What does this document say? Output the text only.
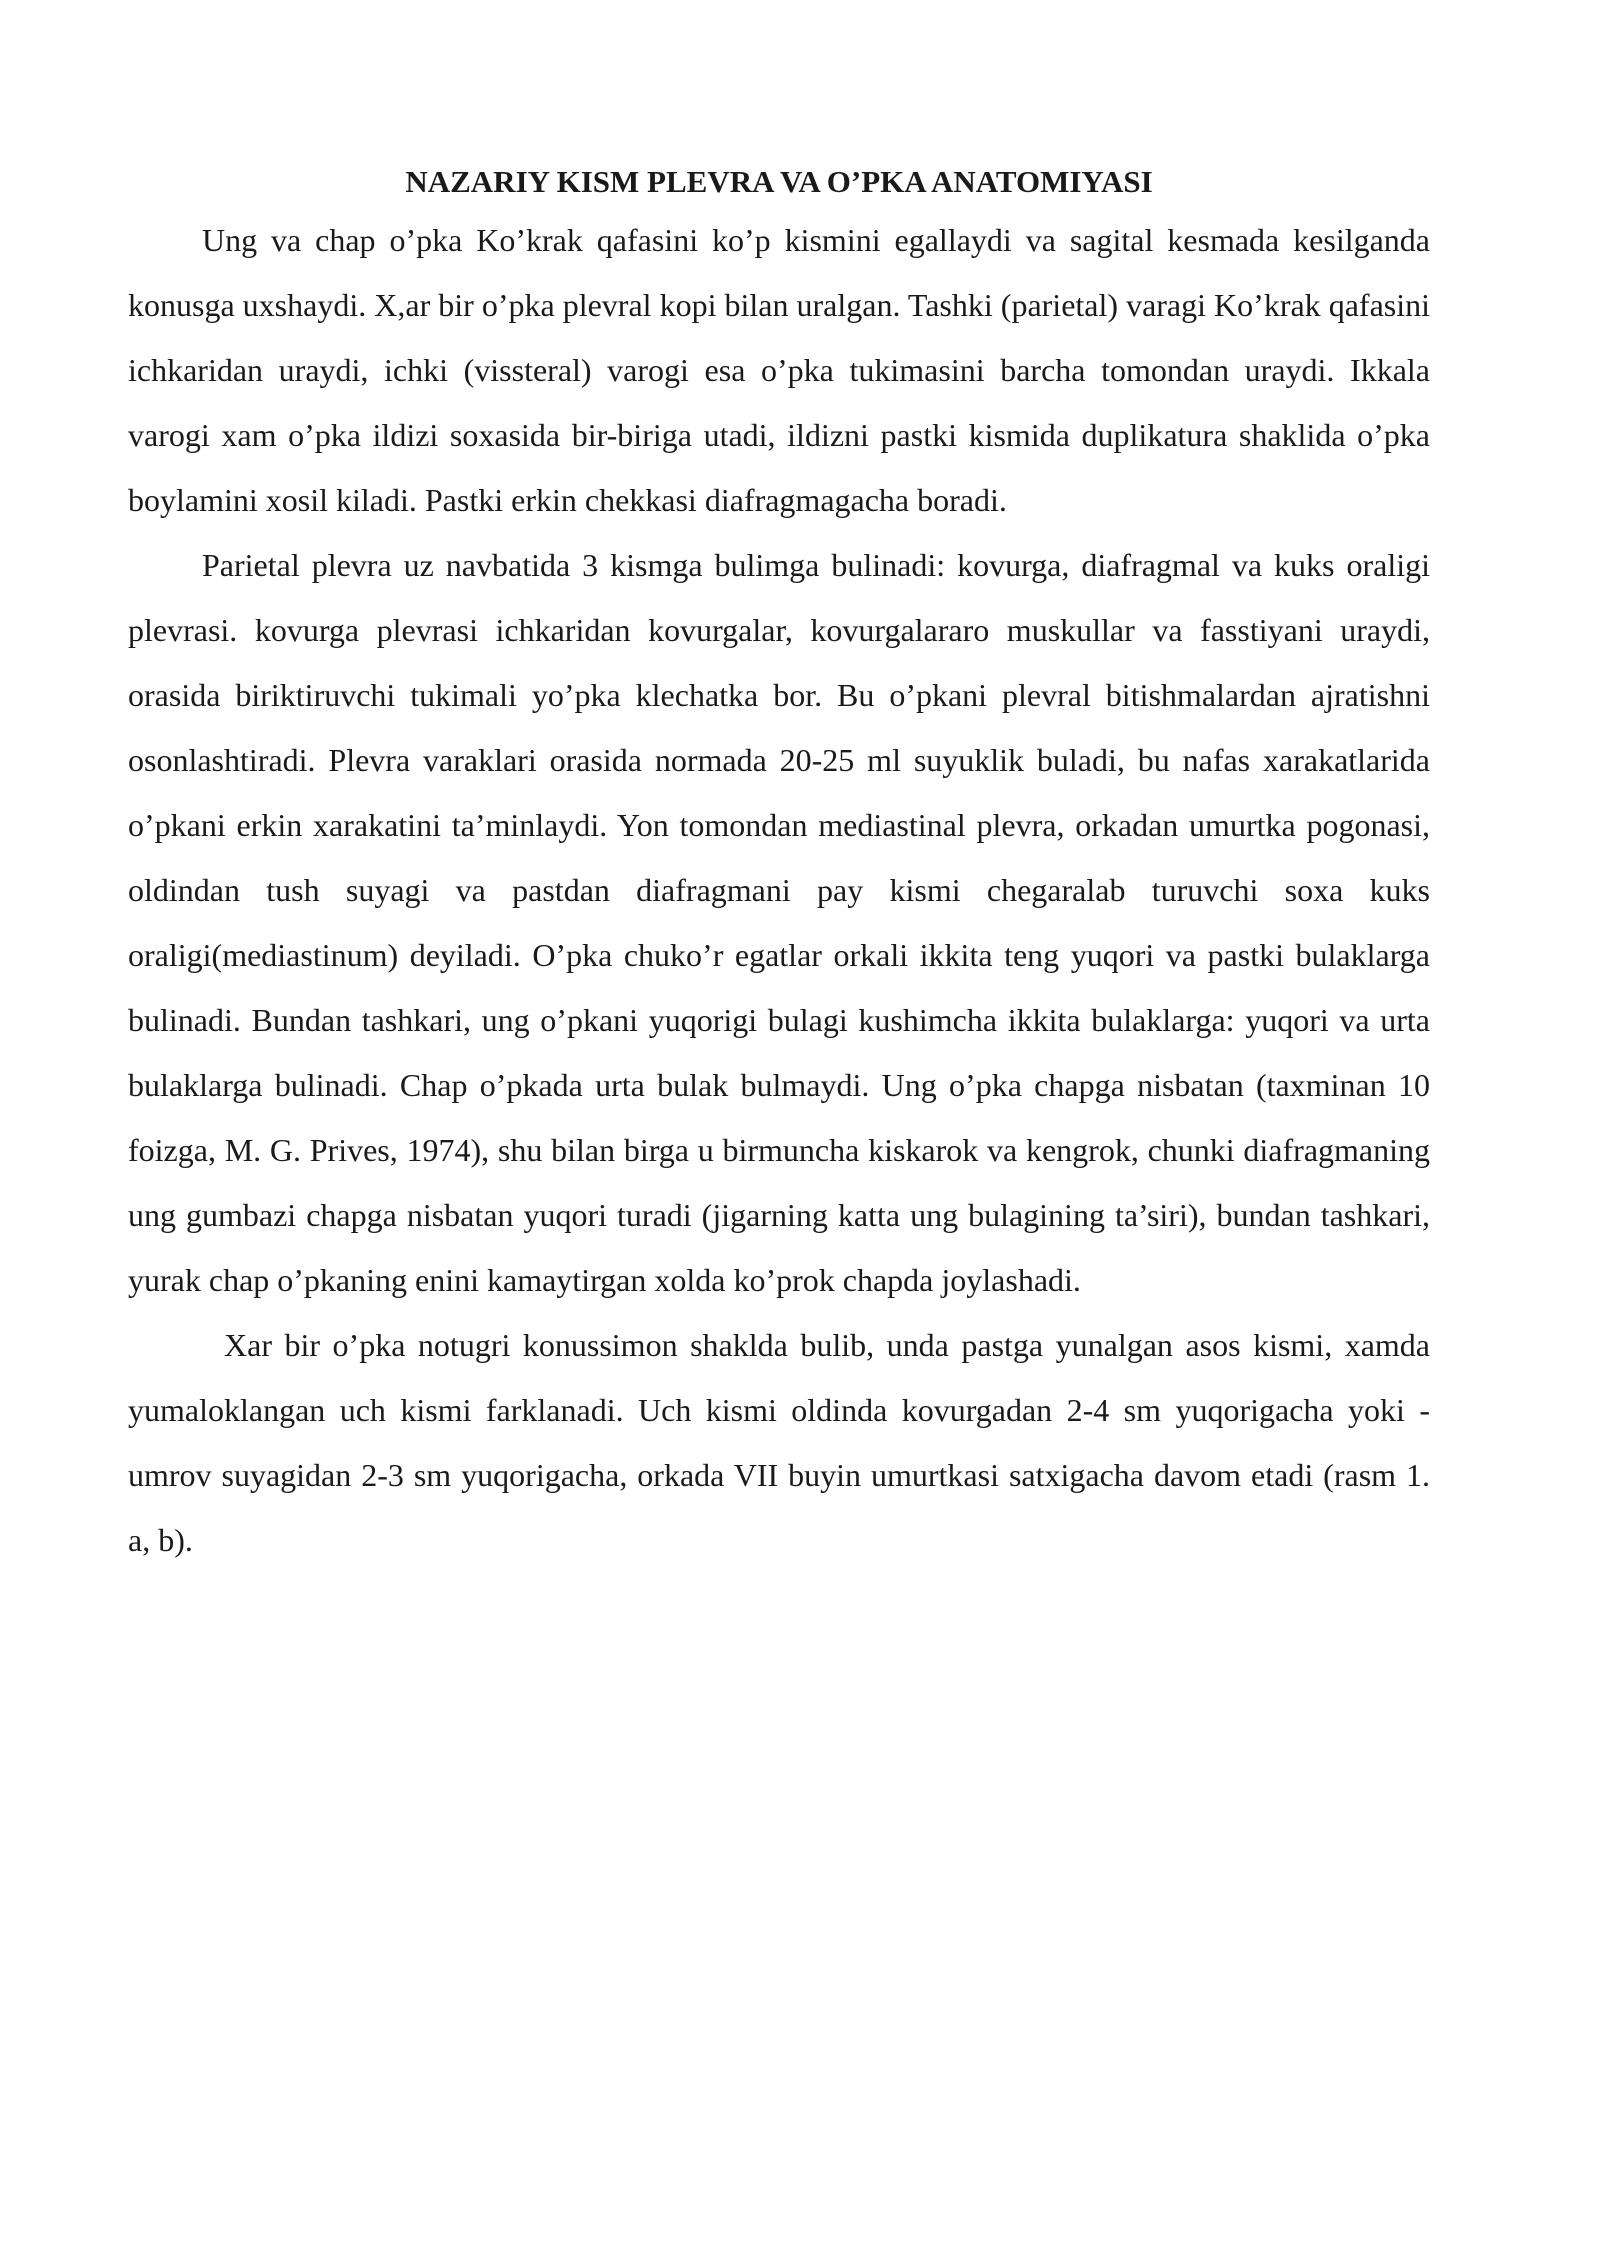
NAZARIY KISM PLEVRA VA O’PKA ANATOMIYASI

Ung va chap o’pka Ko’krak qafasini ko’p kismini egallaydi va sagital kesmada kesilganda konusga uxshaydi. X,ar bir o’pka plevral kopi bilan uralgan. Tashki (parietal) varagi Ko’krak qafasini ichkaridan uraydi, ichki (vissteral) varogi esa o’pka tukimasini barcha tomondan uraydi. Ikkala varogi xam o’pka ildizi soxasida bir-biriga utadi, ildizni pastki kismida duplikatura shaklida o’pka boylamini xosil kiladi. Pastki erkin chekkasi diafragmagacha boradi.

Parietal plevra uz navbatida 3 kismga bulimga bulinadi: kovurga, diafragmal va kuks oraligi plevrasi. kovurga plevrasi ichkaridan kovurgalar, kovurgalararo muskullar va fasstiyani uraydi, orasida biriktiruvchi tukimali yo’pka klechatka bor. Bu o’pkani plevral bitishmalardan ajratishni osonlashtiradi. Plevra varaklari orasida normada 20-25 ml suyuklik buladi, bu nafas xarakatlarida o’pkani erkin xarakatini ta’minlaydi. Yon tomondan mediastinal plevra, orkadan umurtka pogonasi, oldindan tush suyagi va pastdan diafragmani pay kismi chegaralab turuvchi soxa kuks oraligi(mediastinum) deyiladi. O’pka chuko’r egatlar orkali ikkita teng yuqori va pastki bulaklarga bulinadi. Bundan tashkari, ung o’pkani yuqorigi bulagi kushimcha ikkita bulaklarga: yuqori va urta bulaklarga bulinadi. Chap o’pkada urta bulak bulmaydi. Ung o’pka chapga nisbatan (taxminan 10 foizga, M. G. Prives, 1974), shu bilan birga u birmuncha kiskarok va kengrok, chunki diafragmaning ung gumbazi chapga nisbatan yuqori turadi (jigarning katta ung bulagining ta’siri), bundan tashkari, yurak chap o’pkaning enini kamaytirgan xolda ko’prok chapda joylashadi.

Xar bir o’pka notugri konussimon shaklda bulib, unda pastga yunalgan asos kismi, xamda yumaloklangan uch kismi farklanadi. Uch kismi oldinda kovurgadan 2-4 sm yuqorigacha yoki - umrov suyagidan 2-3 sm yuqorigacha, orkada VII buyin umurtkasi satxigacha davom etadi (rasm 1. a, b).
